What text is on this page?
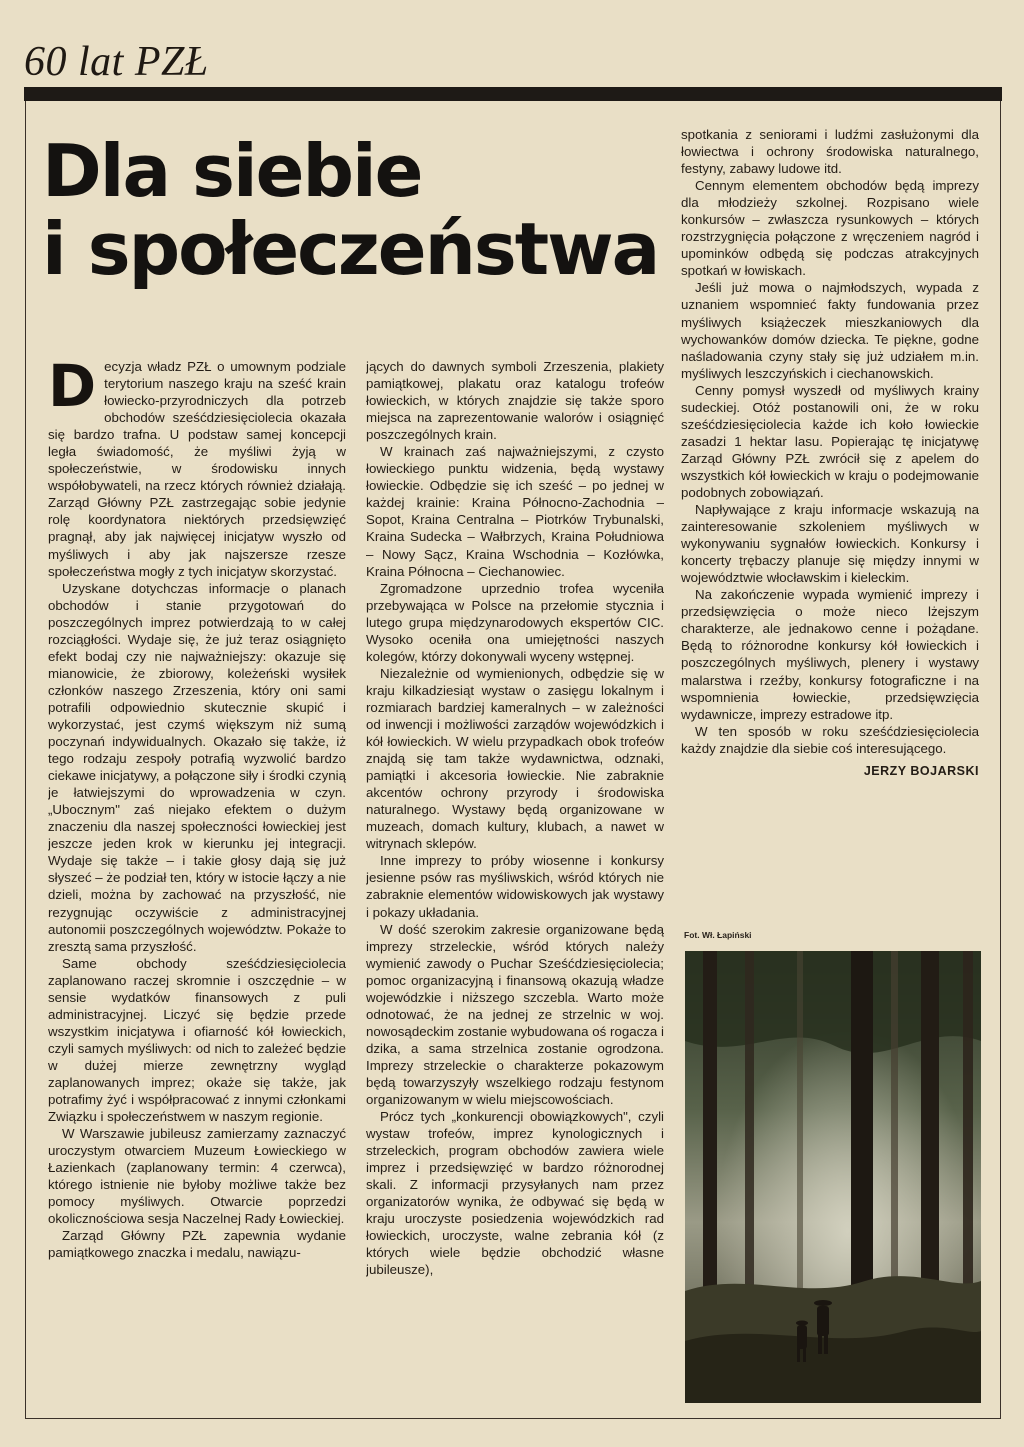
60 lat PZŁ
Dla siebie
i społeczeństwa

Decyzja władz PZŁ o umownym podziale terytorium naszego kraju na sześć krain łowiecko-przyrodniczych dla potrzeb obchodów sześćdziesięciolecia okazała się bardzo trafna. U podstaw samej koncepcji legła świadomość, że myśliwi żyją w społeczeństwie, w środowisku innych współobywateli, na rzecz których również działają. Zarząd Główny PZŁ zastrzegając sobie jedynie rolę koordynatora niektórych przedsięwzięć pragnął, aby jak najwięcej inicjatyw wyszło od myśliwych i aby jak najszersze rzesze społeczeństwa mogły z tych inicjatyw skorzystać.

Uzyskane dotychczas informacje o planach obchodów i stanie przygotowań do poszczególnych imprez potwierdzają to w całej rozciągłości. Wydaje się, że już teraz osiągnięto efekt bodaj czy nie najważniejszy: okazuje się mianowicie, że zbiorowy, koleżeński wysiłek członków naszego Zrzeszenia, który oni sami potrafili odpowiednio skutecznie skupić i wykorzystać, jest czymś większym niż sumą poczynań indywidualnych. Okazało się także, iż tego rodzaju zespoły potrafią wyzwolić bardzo ciekawe inicjatywy, a połączone siły i środki czynią je łatwiejszymi do wprowadzenia w czyn. „Ubocznym" zaś niejako efektem o dużym znaczeniu dla naszej społeczności łowieckiej jest jeszcze jeden krok w kierunku jej integracji. Wydaje się także – i takie głosy dają się już słyszeć – że podział ten, który w istocie łączy a nie dzieli, można by zachować na przyszłość, nie rezygnując oczywiście z administracyjnej autonomii poszczególnych województw. Pokaże to zresztą sama przyszłość.

Same obchody sześćdziesięciolecia zaplanowano raczej skromnie i oszczędnie – w sensie wydatków finansowych z puli administracyjnej. Liczyć się będzie przede wszystkim inicjatywa i ofiarność kół łowieckich, czyli samych myśliwych: od nich to zależeć będzie w dużej mierze zewnętrzny wygląd zaplanowanych imprez; okaże się także, jak potrafimy żyć i współpracować z innymi członkami Związku i społeczeństwem w naszym regionie.

W Warszawie jubileusz zamierzamy zaznaczyć uroczystym otwarciem Muzeum Łowieckiego w Łazienkach (zaplanowany termin: 4 czerwca), którego istnienie nie byłoby możliwe także bez pomocy myśliwych. Otwarcie poprzedzi okolicznościowa sesja Naczelnej Rady Łowieckiej.

Zarząd Główny PZŁ zapewnia wydanie pamiątkowego znaczka i medalu, nawiązu-

jących do dawnych symboli Zrzeszenia, plakiety pamiątkowej, plakatu oraz katalogu trofeów łowieckich, w których znajdzie się także sporo miejsca na zaprezentowanie walorów i osiągnięć poszczególnych krain.

W krainach zaś najważniejszymi, z czysto łowieckiego punktu widzenia, będą wystawy łowieckie. Odbędzie się ich sześć – po jednej w każdej krainie: Kraina Północno-Zachodnia – Sopot, Kraina Centralna – Piotrków Trybunalski, Kraina Sudecka – Wałbrzych, Kraina Południowa – Nowy Sącz, Kraina Wschodnia – Kozłówka, Kraina Północna – Ciechanowiec.

Zgromadzone uprzednio trofea wyceniła przebywająca w Polsce na przełomie stycznia i lutego grupa międzynarodowych ekspertów CIC. Wysoko oceniła ona umiejętności naszych kolegów, którzy dokonywali wyceny wstępnej.

Niezależnie od wymienionych, odbędzie się w kraju kilkadziesiąt wystaw o zasięgu lokalnym i rozmiarach bardziej kameralnych – w zależności od inwencji i możliwości zarządów wojewódzkich i kół łowieckich. W wielu przypadkach obok trofeów znajdą się tam także wydawnictwa, odznaki, pamiątki i akcesoria łowieckie. Nie zabraknie akcentów ochrony przyrody i środowiska naturalnego. Wystawy będą organizowane w muzeach, domach kultury, klubach, a nawet w witrynach sklepów.

Inne imprezy to próby wiosenne i konkursy jesienne psów ras myśliwskich, wśród których nie zabraknie elementów widowiskowych jak wystawy i pokazy układania.

W dość szerokim zakresie organizowane będą imprezy strzeleckie, wśród których należy wymienić zawody o Puchar Sześćdziesięciolecia; pomoc organizacyjną i finansową okazują władze wojewódzkie i niższego szczebla. Warto może odnotować, że na jednej ze strzelnic w woj. nowosądeckim zostanie wybudowana oś rogacza i dzika, a sama strzelnica zostanie ogrodzona. Imprezy strzeleckie o charakterze pokazowym będą towarzyszyły wszelkiego rodzaju festynom organizowanym w wielu miejscowościach.

Prócz tych „konkurencji obowiązkowych", czyli wystaw trofeów, imprez kynologicznych i strzeleckich, program obchodów zawiera wiele imprez i przedsięwzięć w bardzo różnorodnej skali. Z informacji przysyłanych nam przez organizatorów wynika, że odbywać się będą w kraju uroczyste posiedzenia wojewódzkich rad łowieckich, uroczyste, walne zebrania kół (z których wiele będzie obchodzić własne jubileusze),

spotkania z seniorami i ludźmi zasłużonymi dla łowiectwa i ochrony środowiska naturalnego, festyny, zabawy ludowe itd.

Cennym elementem obchodów będą imprezy dla młodzieży szkolnej. Rozpisano wiele konkursów – zwłaszcza rysunkowych – których rozstrzygnięcia połączone z wręczeniem nagród i upominków odbędą się podczas atrakcyjnych spotkań w łowiskach.

Jeśli już mowa o najmłodszych, wypada z uznaniem wspomnieć fakty fundowania przez myśliwych książeczek mieszkaniowych dla wychowanków domów dziecka. Te piękne, godne naśladowania czyny stały się już udziałem m.in. myśliwych leszczyńskich i ciechanowskich.

Cenny pomysł wyszedł od myśliwych krainy sudeckiej. Otóż postanowili oni, że w roku sześćdziesięciolecia każde ich koło łowieckie zasadzi 1 hektar lasu. Popierając tę inicjatywę Zarząd Główny PZŁ zwrócił się z apelem do wszystkich kół łowieckich w kraju o podejmowanie podobnych zobowiązań.

Napływające z kraju informacje wskazują na zainteresowanie szkoleniem myśliwych w wykonywaniu sygnałów łowieckich. Konkursy i koncerty trębaczy planuje się między innymi w województwie włocławskim i kieleckim.

Na zakończenie wypada wymienić imprezy i przedsięwzięcia o może nieco lżejszym charakterze, ale jednakowo cenne i pożądane. Będą to różnorodne konkursy kół łowieckich i poszczególnych myśliwych, plenery i wystawy malarstwa i rzeźby, konkursy fotograficzne i na wspomnienia łowieckie, przedsięwzięcia wydawnicze, imprezy estradowe itp.

W ten sposób w roku sześćdziesięciolecia każdy znajdzie dla siebie coś interesującego.

JERZY BOJARSKI
Fot. Wł. Łapiński
